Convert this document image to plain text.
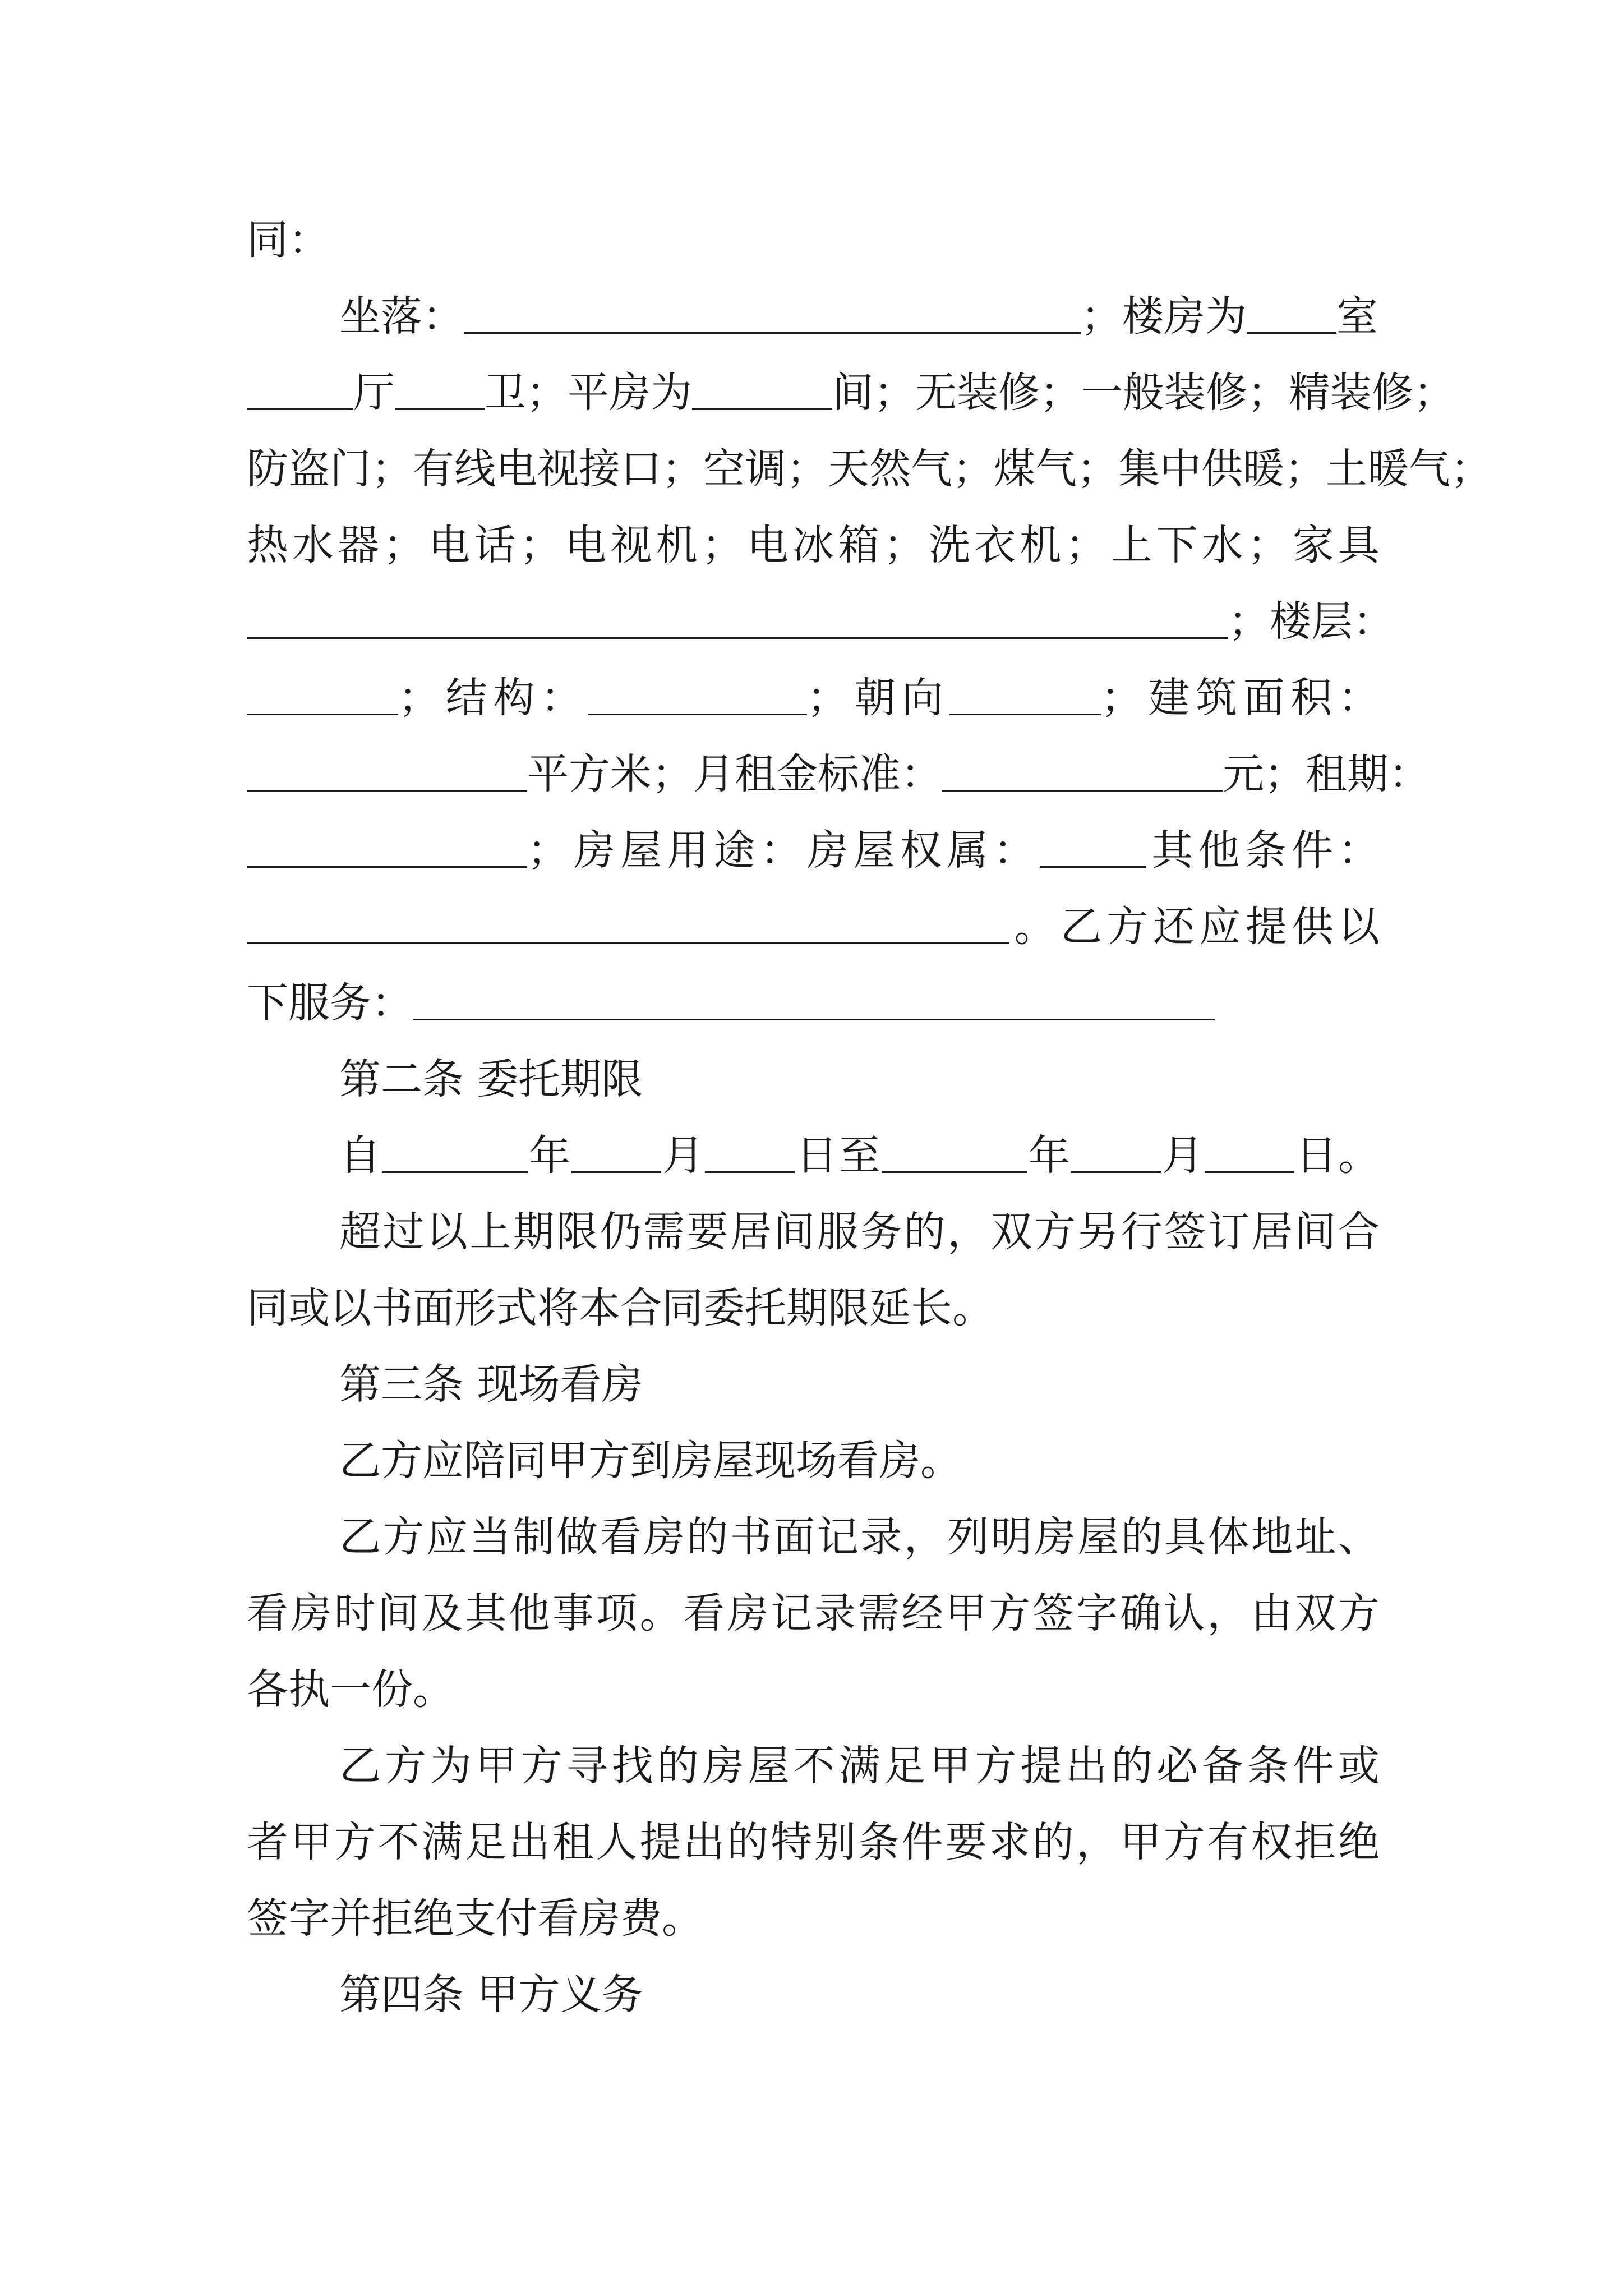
同：
坐落：	；楼房为 室
厅 卫；平房为	间；无装修；一般装修；精装修；
防盗门；有线电视接口；空调；天然气；煤气；集中供暖；土暖气；
热水器；电话；电视机；电冰箱；洗衣机；上下水；家具
；楼层：
；结构：	；朝向	；建筑面积：
平方米；月租金标准：	元；租期：
；房屋用途：房屋权属：	其他条件：
。乙方还应提供以
下服务：
第二条 委托期限
自	年 月 日至	年 月 日。
超过以上期限仍需要居间服务的，双方另行签订居间合
同或以书面形式将本合同委托期限延长。
第三条 现场看房
乙方应陪同甲方到房屋现场看房。
乙方应当制做看房的书面记录，列明房屋的具体地址、
看房时间及其他事项。看房记录需经甲方签字确认，由双方
各执一份。
乙方为甲方寻找的房屋不满足甲方提出的必备条件或
者甲方不满足出租人提出的特别条件要求的，甲方有权拒绝
签字并拒绝支付看房费。
第四条 甲方义务
